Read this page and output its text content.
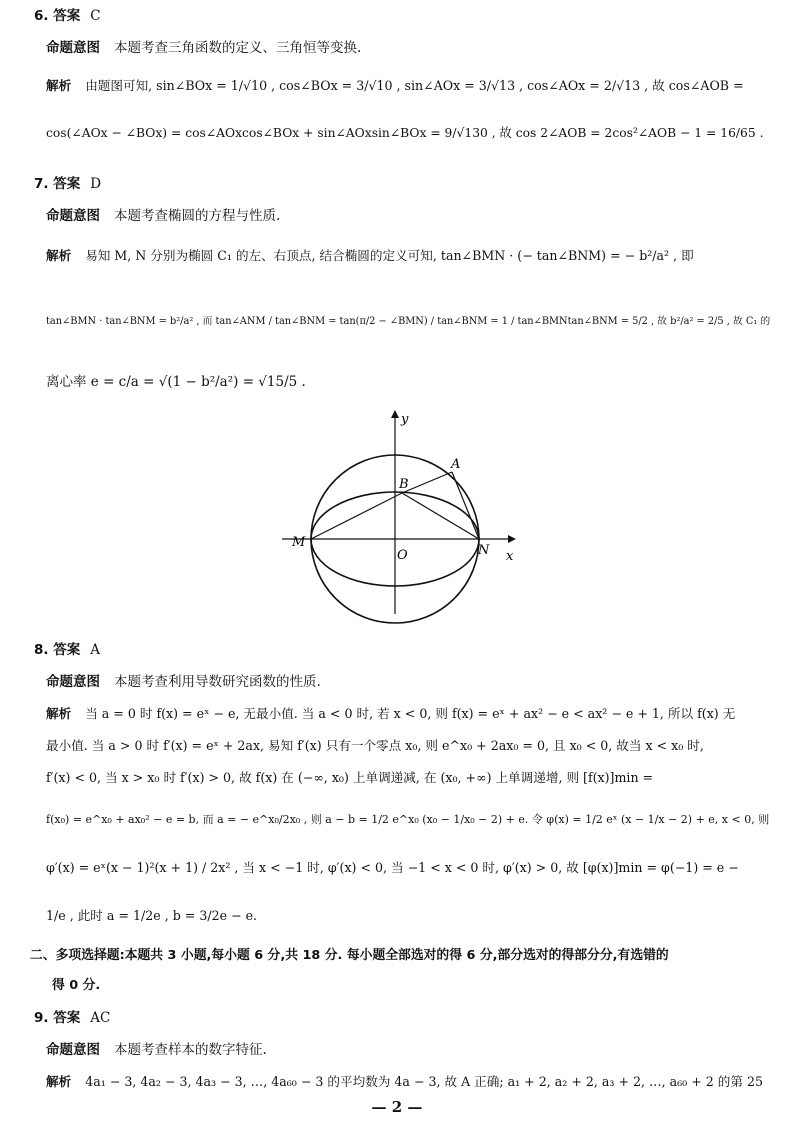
6. 答案 C
命题意图 本题考查三角函数的定义、三角恒等变换.
解析 由题图可知, sin∠BOx = 1/√10 , cos∠BOx = 3/√10 , sin∠AOx = 3/√13 , cos∠AOx = 2/√13 , 故 cos∠AOB =
cos(∠AOx − ∠BOx) = cos∠AOxcos∠BOx + sin∠AOxsin∠BOx = 9/√130 , 故 cos 2∠AOB = 2cos²∠AOB − 1 = 16/65 .
7. 答案 D
命题意图 本题考查椭圆的方程与性质.
解析 易知 M, N 分别为椭圆 C₁ 的左、右顶点, 结合椭圆的定义可知, tan∠BMN · (− tan∠BNM) = − b²/a² , 即
tan∠BMN · tan∠BNM = b²/a² , 而 tan∠ANM / tan∠BNM = tan(π/2 − ∠BMN) / tan∠BNM = 1 / tan∠BMNtan∠BNM = 5/2 , 故 b²/a² = 2/5 , 故 C₁ 的
离心率 e = c/a = √(1 − b²/a²) = √15/5 .
y
x
A
B
M
O	N
8. 答案 A
命题意图 本题考查利用导数研究函数的性质.
解析 当 a = 0 时 f(x) = eˣ − e, 无最小值. 当 a < 0 时, 若 x < 0, 则 f(x) = eˣ + ax² − e < ax² − e + 1, 所以 f(x) 无
最小值. 当 a > 0 时 f′(x) = eˣ + 2ax, 易知 f′(x) 只有一个零点 x₀, 则 e^x₀ + 2ax₀ = 0, 且 x₀ < 0, 故当 x < x₀ 时,
f′(x) < 0, 当 x > x₀ 时 f′(x) > 0, 故 f(x) 在 (−∞, x₀) 上单调递减, 在 (x₀, +∞) 上单调递增, 则 [f(x)]min =
f(x₀) = e^x₀ + ax₀² − e = b, 而 a = − e^x₀/2x₀ , 则 a − b = 1/2 e^x₀ (x₀ − 1/x₀ − 2) + e. 令 φ(x) = 1/2 eˣ (x − 1/x − 2) + e, x < 0, 则
φ′(x) = eˣ(x − 1)²(x + 1) / 2x² , 当 x < −1 时, φ′(x) < 0, 当 −1 < x < 0 时, φ′(x) > 0, 故 [φ(x)]min = φ(−1) = e −
1/e , 此时 a = 1/2e , b = 3/2e − e.
二、多项选择题:本题共 3 小题,每小题 6 分,共 18 分. 每小题全部选对的得 6 分,部分选对的得部分分,有选错的
得 0 分.
9. 答案 AC
命题意图 本题考查样本的数字特征.
解析 4a₁ − 3, 4a₂ − 3, 4a₃ − 3, …, 4a₆₀ − 3 的平均数为 4a − 3, 故 A 正确; a₁ + 2, a₂ + 2, a₃ + 2, …, a₆₀ + 2 的第 25
— 2 —
